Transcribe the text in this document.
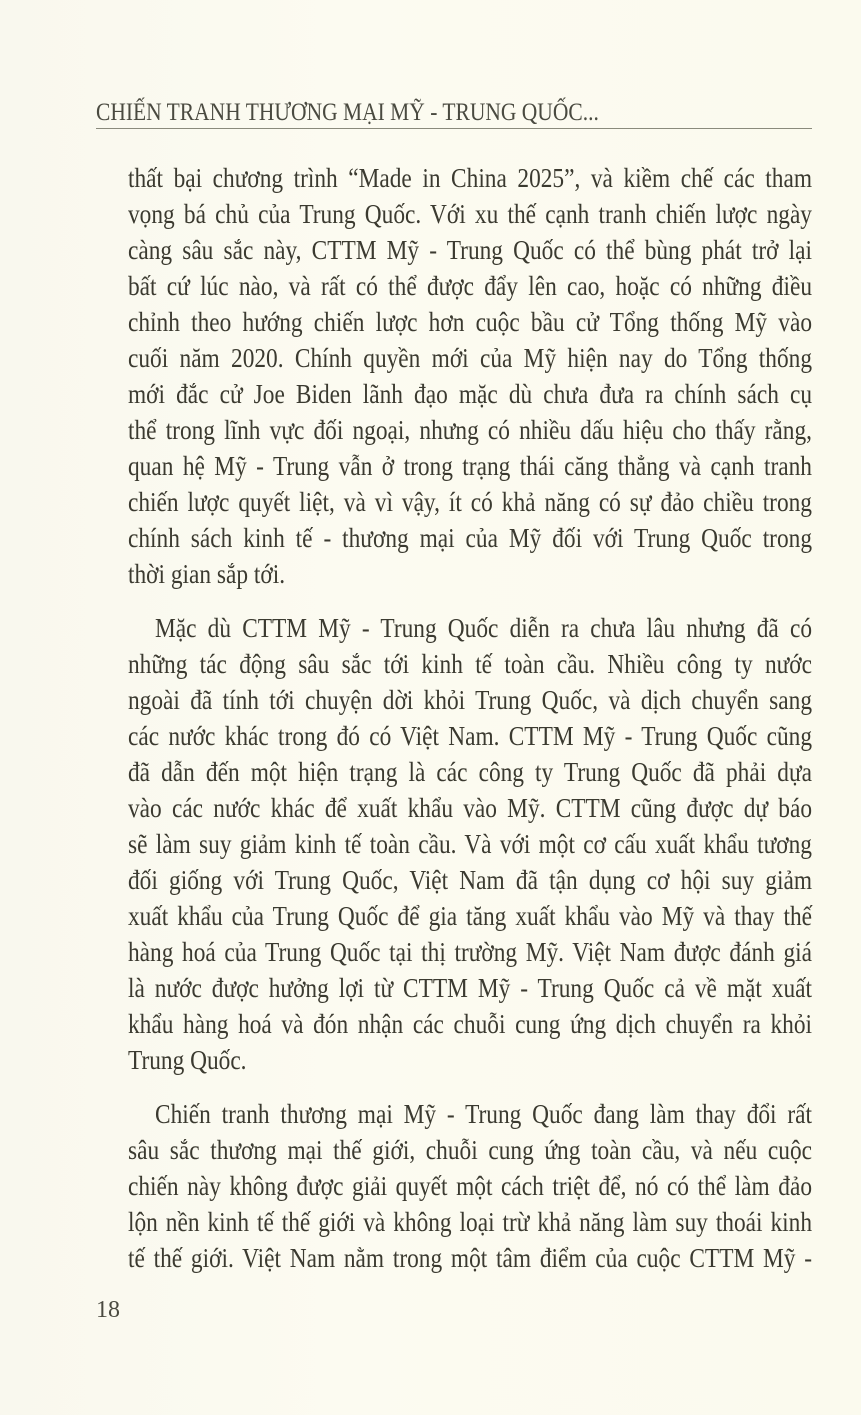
CHIẾN TRANH THƯƠNG MẠI MỸ - TRUNG QUỐC...
thất bại chương trình “Made in China 2025”, và kiềm chế các tham
vọng bá chủ của Trung Quốc. Với xu thế cạnh tranh chiến lược ngày
càng sâu sắc này, CTTM Mỹ - Trung Quốc có thể bùng phát trở lại
bất cứ lúc nào, và rất có thể được đẩy lên cao, hoặc có những điều
chỉnh theo hướng chiến lược hơn cuộc bầu cử Tổng thống Mỹ vào
cuối năm 2020. Chính quyền mới của Mỹ hiện nay do Tổng thống
mới đắc cử Joe Biden lãnh đạo mặc dù chưa đưa ra chính sách cụ
thể trong lĩnh vực đối ngoại, nhưng có nhiều dấu hiệu cho thấy rằng,
quan hệ Mỹ - Trung vẫn ở trong trạng thái căng thẳng và cạnh tranh
chiến lược quyết liệt, và vì vậy, ít có khả năng có sự đảo chiều trong
chính sách kinh tế - thương mại của Mỹ đối với Trung Quốc trong
thời gian sắp tới.
Mặc dù CTTM Mỹ - Trung Quốc diễn ra chưa lâu nhưng đã có
những tác động sâu sắc tới kinh tế toàn cầu. Nhiều công ty nước
ngoài đã tính tới chuyện dời khỏi Trung Quốc, và dịch chuyển sang
các nước khác trong đó có Việt Nam. CTTM Mỹ - Trung Quốc cũng
đã dẫn đến một hiện trạng là các công ty Trung Quốc đã phải dựa
vào các nước khác để xuất khẩu vào Mỹ. CTTM cũng được dự báo
sẽ làm suy giảm kinh tế toàn cầu. Và với một cơ cấu xuất khẩu tương
đối giống với Trung Quốc, Việt Nam đã tận dụng cơ hội suy giảm
xuất khẩu của Trung Quốc để gia tăng xuất khẩu vào Mỹ và thay thế
hàng hoá của Trung Quốc tại thị trường Mỹ. Việt Nam được đánh giá
là nước được hưởng lợi từ CTTM Mỹ - Trung Quốc cả về mặt xuất
khẩu hàng hoá và đón nhận các chuỗi cung ứng dịch chuyển ra khỏi
Trung Quốc.
Chiến tranh thương mại Mỹ - Trung Quốc đang làm thay đổi rất
sâu sắc thương mại thế giới, chuỗi cung ứng toàn cầu, và nếu cuộc
chiến này không được giải quyết một cách triệt để, nó có thể làm đảo
lộn nền kinh tế thế giới và không loại trừ khả năng làm suy thoái kinh
tế thế giới. Việt Nam nằm trong một tâm điểm của cuộc CTTM Mỹ -
18
